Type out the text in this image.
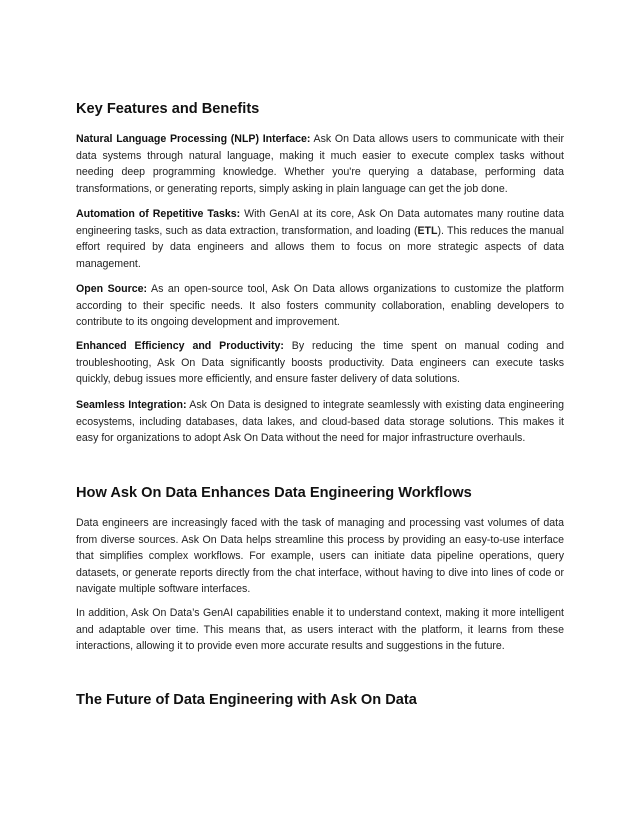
Key Features and Benefits

Natural Language Processing (NLP) Interface: Ask On Data allows users to communicate with their data systems through natural language, making it much easier to execute complex tasks without needing deep programming knowledge. Whether you're querying a database, performing data transformations, or generating reports, simply asking in plain language can get the job done.

Automation of Repetitive Tasks: With GenAI at its core, Ask On Data automates many routine data engineering tasks, such as data extraction, transformation, and loading (ETL). This reduces the manual effort required by data engineers and allows them to focus on more strategic aspects of data management.

Open Source: As an open-source tool, Ask On Data allows organizations to customize the platform according to their specific needs. It also fosters community collaboration, enabling developers to contribute to its ongoing development and improvement.

Enhanced Efficiency and Productivity: By reducing the time spent on manual coding and troubleshooting, Ask On Data significantly boosts productivity. Data engineers can execute tasks quickly, debug issues more efficiently, and ensure faster delivery of data solutions.

Seamless Integration: Ask On Data is designed to integrate seamlessly with existing data engineering ecosystems, including databases, data lakes, and cloud-based data storage solutions. This makes it easy for organizations to adopt Ask On Data without the need for major infrastructure overhauls.

How Ask On Data Enhances Data Engineering Workflows

Data engineers are increasingly faced with the task of managing and processing vast volumes of data from diverse sources. Ask On Data helps streamline this process by providing an easy-to-use interface that simplifies complex workflows. For example, users can initiate data pipeline operations, query datasets, or generate reports directly from the chat interface, without having to dive into lines of code or navigate multiple software interfaces.

In addition, Ask On Data’s GenAI capabilities enable it to understand context, making it more intelligent and adaptable over time. This means that, as users interact with the platform, it learns from these interactions, allowing it to provide even more accurate results and suggestions in the future.

The Future of Data Engineering with Ask On Data
